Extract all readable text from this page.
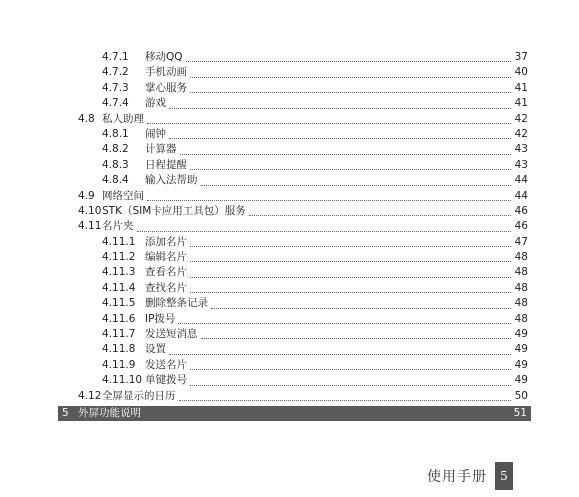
4.7.1	移动QQ	37
4.7.2	手机动画	40
4.7.3	掌心服务	41
4.7.4	游戏	41
4.8 私人助理	42
4.8.1	闹钟	42
4.8.2	计算器	43
4.8.3	日程提醒	43
4.8.4	输入法帮助	44
4.9 网络空间	44
4.10 STK（SIM卡应用工具包）服务	46
4.11 名片夹	46
4.11.1 添加名片	47
4.11.2 编辑名片	48
4.11.3 查看名片	48
4.11.4 查找名片	48
4.11.5 删除整条记录	48
4.11.6 IP拨号	48
4.11.7 发送短消息	49
4.11.8 设置	49
4.11.9 发送名片	49
4.11.10 单键拨号	49
4.12 全屏显示的日历	50
5 外屏功能说明	51
使用手册	5
